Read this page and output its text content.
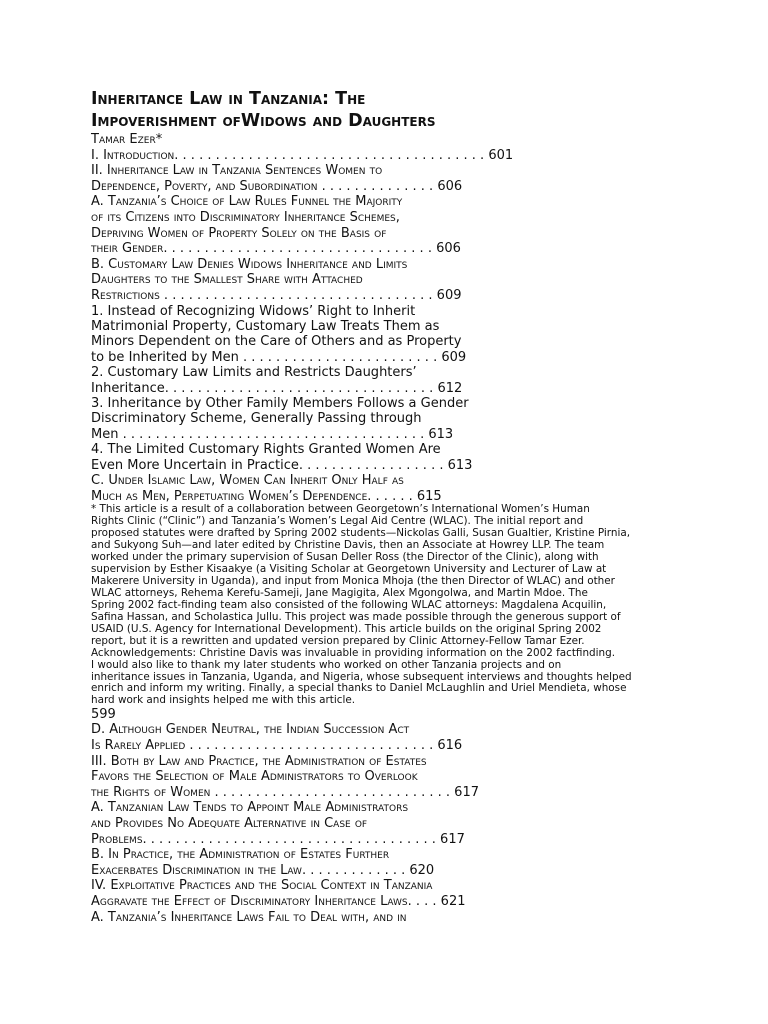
Inheritance Law in Tanzania: The
Impoverishment ofWidows and Daughters
Tamar Ezer*
I. Introduction. . . . . . . . . . . . . . . . . . . . . . . . . . . . . . . . . . . . . . 601
II. Inheritance Law in Tanzania Sentences Women to
Dependence, Poverty, and Subordination . . . . . . . . . . . . . . 606
A. Tanzania’s Choice of Law Rules Funnel the Majority
of its Citizens into Discriminatory Inheritance Schemes,
Depriving Women of Property Solely on the Basis of
their Gender. . . . . . . . . . . . . . . . . . . . . . . . . . . . . . . . . 606
B. Customary Law Denies Widows Inheritance and Limits
Daughters to the Smallest Share with Attached
Restrictions . . . . . . . . . . . . . . . . . . . . . . . . . . . . . . . . . 609
1. Instead of Recognizing Widows’ Right to Inherit
Matrimonial Property, Customary Law Treats Them as
Minors Dependent on the Care of Others and as Property
to be Inherited by Men . . . . . . . . . . . . . . . . . . . . . . . . 609
2. Customary Law Limits and Restricts Daughters’
Inheritance. . . . . . . . . . . . . . . . . . . . . . . . . . . . . . . . . 612
3. Inheritance by Other Family Members Follows a Gender
Discriminatory Scheme, Generally Passing through
Men . . . . . . . . . . . . . . . . . . . . . . . . . . . . . . . . . . . . . 613
4. The Limited Customary Rights Granted Women Are
Even More Uncertain in Practice. . . . . . . . . . . . . . . . . . 613
C. Under Islamic Law, Women Can Inherit Only Half as
Much as Men, Perpetuating Women’s Dependence. . . . . . 615
* This article is a result of a collaboration between Georgetown’s International Women’s Human
Rights Clinic (“Clinic”) and Tanzania’s Women’s Legal Aid Centre (WLAC). The initial report and
proposed statutes were drafted by Spring 2002 students—Nickolas Galli, Susan Gualtier, Kristine Pirnia,
and Sukyong Suh—and later edited by Christine Davis, then an Associate at Howrey LLP. The team
worked under the primary supervision of Susan Deller Ross (the Director of the Clinic), along with
supervision by Esther Kisaakye (a Visiting Scholar at Georgetown University and Lecturer of Law at
Makerere University in Uganda), and input from Monica Mhoja (the then Director of WLAC) and other
WLAC attorneys, Rehema Kerefu-Sameji, Jane Magigita, Alex Mgongolwa, and Martin Mdoe. The
Spring 2002 fact-finding team also consisted of the following WLAC attorneys: Magdalena Acquilin,
Safina Hassan, and Scholastica Jullu. This project was made possible through the generous support of
USAID (U.S. Agency for International Development). This article builds on the original Spring 2002
report, but it is a rewritten and updated version prepared by Clinic Attorney-Fellow Tamar Ezer.
Acknowledgements: Christine Davis was invaluable in providing information on the 2002 factfinding.
I would also like to thank my later students who worked on other Tanzania projects and on
inheritance issues in Tanzania, Uganda, and Nigeria, whose subsequent interviews and thoughts helped
enrich and inform my writing. Finally, a special thanks to Daniel McLaughlin and Uriel Mendieta, whose
hard work and insights helped me with this article.
599
D. Although Gender Neutral, the Indian Succession Act
Is Rarely Applied . . . . . . . . . . . . . . . . . . . . . . . . . . . . . . 616
III. Both by Law and Practice, the Administration of Estates
Favors the Selection of Male Administrators to Overlook
the Rights of Women . . . . . . . . . . . . . . . . . . . . . . . . . . . . . 617
A. Tanzanian Law Tends to Appoint Male Administrators
and Provides No Adequate Alternative in Case of
Problems. . . . . . . . . . . . . . . . . . . . . . . . . . . . . . . . . . . . 617
B. In Practice, the Administration of Estates Further
Exacerbates Discrimination in the Law. . . . . . . . . . . . . 620
IV. Exploitative Practices and the Social Context in Tanzania
Aggravate the Effect of Discriminatory Inheritance Laws. . . . 621
A. Tanzania’s Inheritance Laws Fail to Deal with, and in
